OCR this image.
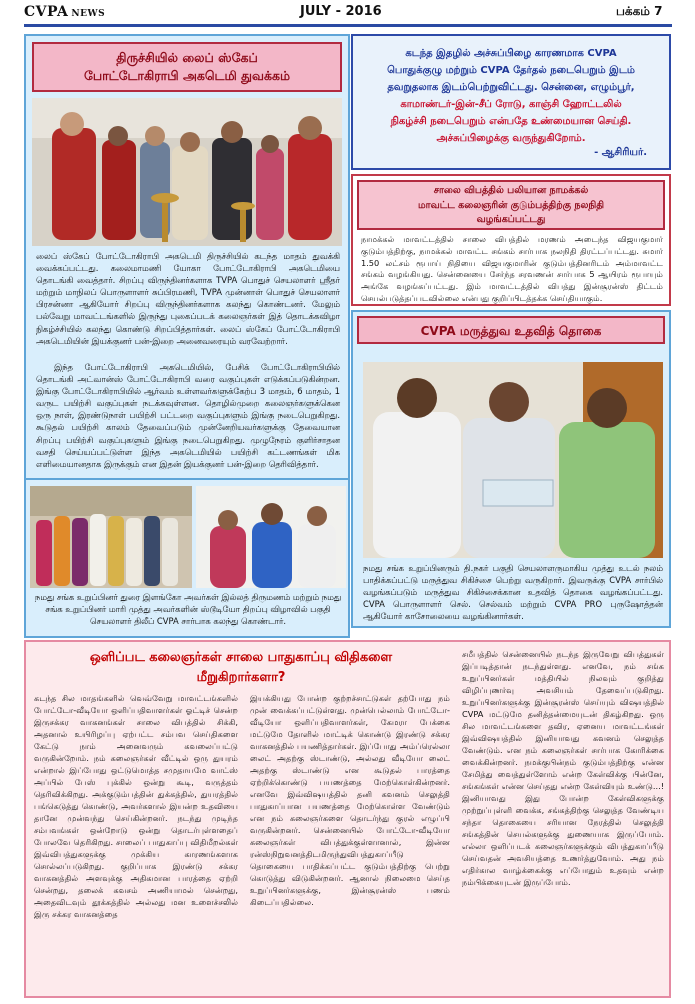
CVPA NEWS	JULY - 2016	பக்கம் 7
திருச்சியில் லைப் ஸ்கேப்
போட்டோகிராபி அகடெமி துவக்கம்
லைப் ஸ்கேப் போட்டோகிராபி அகடெமி திருச்சியில் கடந்த மாதம் துவக்கி வைக்கப்பட்டது. கலைமாமணி யோகா போட்டோகிராபி அகடெமியை தொடங்கி வைத்தார். சிறப்பு விருந்தினர்களாக TVPA பொதுச் செயலாளர் ஸ்ரீதர் மற்றும் மாநிலப் பொருளாளர் சுப்பிரமணி, TVPA முன்னாள் பொதுச் செயலாளர் பிரசன்னா ஆகியோர் சிறப்பு விருந்தினர்களாக கலந்து கொண்டனர். மேலும் பல்வேறு மாவட்டங்களில் இருந்து புகைப்படக் கலைஞர்கள் இத் தொடக்கவிழா நிகழ்ச்சியில் கலந்து கொண்டு சிறப்பித்தார்கள். லைப் ஸ்கேப் போட்டோகிராபி அகடெமியின் இயக்குனர் பன்-இறை அனைவரையும் வரவேற்றார்.
இந்த போட்டோகிராபி அகடெமியில், பேசிக் போட்டோகிராபியில் தொடங்கி அட்வான்ஸ் போட்டோகிராபி வரை வகுப்புகள் எடுக்கப்படுகின்றன. இங்கு போட்டோகிராபியில் ஆர்வம் உள்ளவர்களுக்கேற்ப 3 மாதம், 6 மாதம், 1 வருட பயிற்சி வகுப்புகள் நடக்கவுள்ளன. தொழில்முறை கலைஞர்களுக்கென ஒரு நாள், இரண்டுநாள் பயிற்சி பட்டறை வகுப்புகளும் இங்கு நடைபெறுகிறது. கூடுதல் பயிற்சி காலம் தேவைப்படும் முன்னேறியவர்களுக்கு தேவையான சிறப்பு பயிற்சி வகுப்புகளும் இங்கு நடைபெறுகிறது. முழுநேரம் குளிர்சாதன வசதி செய்யப்பட்டுள்ள இந்த அகடெமியில் பயிற்சி கட்டணங்கள் மிக எளிமையானதாக இருக்கும் என இதன் இயக்குனர் பன்-இறை தெரிவித்தார்.
நமது சங்க உறுப்பினர் துரை இளங்கோ அவர்கள் இல்லத் திருமணம் மற்றும் நமது சங்க உறுப்பினர் மாரி முத்து அவர்களின் ஸ்டூடியோ திறப்பு விழாவில் பகுதி செயலாளர் திலீப் CVPA சார்பாக கலந்து கொண்டார்.
கடந்த இதழில் அச்சுப்பிழை காரணமாக CVPA
பொதுக்குழு மற்றும் CVPA தேர்தல் நடைபெறும் இடம்
தவறுதலாக இடம்பெற்றுவிட்டது. சென்னை, எழும்பூர்,
காமாண்டர்-இன்-சீப் ரோடு, காஞ்சி ஹோட்டலில்
நிகழ்ச்சி நடைபெறும் என்பதே உண்மையான செய்தி.
அச்சுப்பிழைக்கு வருந்துகிறோம்.
- ஆசிரியர்.
சாலை விபத்தில் பலியான நாமக்கல்
மாவட்ட கலைஞரின் குடும்பத்திற்கு நலநிதி
வழங்கப்பட்டது
நாமக்கல் மாவட்டத்தில் சாலை விபத்தில் மரணம் அடைந்த விஜயகுமார் குடும்பத்திற்கு, நாமக்கல் மாவட்ட சங்கம் சார்பாக நலநிதி திரட்டப்பட்டது. சுமார் 1.50 லட்சம் ரூபாய் நிதியை விஜயகுமாரின் குடும்பத்தினரிடம் அம்மாவட்ட சங்கம் வழங்கியது. சென்னையை சேர்ந்த சரவணன் சார்பாக 5 ஆயிரம் ரூபாயும் அங்கே வழங்கப்பட்டது. இம் மாவட்டத்தில் விபத்து இன்சூரன்ஸ் திட்டம் செயல்படுத்தப்படவில்லை என்பது குறிப்பிடத்தக்க செய்தியாகும்.
CVPA மருத்துவ உதவித் தொகை
நமது சங்க உறுப்பினரும் தி.நகர் பகுதி செயலாளருமாகிய முத்து உடல் நலம் பாதிக்கப்பட்டு மருத்துவ சிகிச்சை பெற்று வருகிறார். இவருக்கு CVPA சார்பில் வழங்கப்படும் மருத்துவ சிகிச்சைக்கான உதவித் தொகை வழங்கப்பட்டது. CVPA பொருளாளர் செல். செல்வம் மற்றும் CVPA PRO புருஷோத்தன் ஆகியோர் காசோலையை வழங்கினார்கள்.
ஒளிப்பட கலைஞர்கள் சாலை பாதுகாப்பு விதிகளை
மீறுகிறார்களா?
கடந்த சில மாதங்களில் வெவ்வேறு மாவட்டங்களில் போட்டோ-வீடியோ ஒளிப்பதிவாளர்கள் ஓட்டிச் சென்ற இருசக்கர வாகனங்கள் சாலை விபத்தில் சிக்கி, அதனால் உயிரிழப்பு ஏற்பட்ட சம்பவ செய்திகளை கேட்டு நாம் அனைவரும் கவலைப்பட்டு வருகின்றோம். நம் கலைஞர்கள் வீட்டில் ஒரு துயரம் என்றால் இப்போது ஒட்டுமொத்த சமுதாயமே வாட்ஸ் அப்பில் பேஸ் புக்கில் ஒன்று கூடி, வருத்தம் தெரிவிக்கிறது. அக்குடும்பத்தின் துக்கத்தில், துயரத்தில் பங்கெடுத்து கொண்டு, அவர்களால் இயன்ற உதவியை தானே முன்வந்து செய்கின்றனர். நடந்து முடிந்த சம்பவங்கள் ஒன்றோடு ஒன்று தொடர்புள்ளதைப் போலவே தெரிகிறது. சாலைப் பாதுகாப்பு விதிமீறல்கள் இவ்விபத்துகளுக்கு முக்கிய காரணங்களாக சொல்லப்படுகிறது. குறிப்பாக இரண்டு சக்கர வாகனத்தில் அளவுக்கு அதிகமான பாரத்தை ஏற்றி சென்றது, தலைக் கவசம் அணியாமல் சென்றது, அதைவிடவும் தூக்கத்தில் அல்லது மன உளைச்சலில் இரு சக்கர வாகனத்தை
இயக்கியது போன்ற குற்றச்சாட்டுகள் தற்போது நம் முன் வைக்கப்பட்டுள்ளது. முன்பெல்லாம் போட்டோ-வீடியோ ஒளிப்பதிவாளர்கள், கேமரா பேக்கை மட்டுமே தோளில் மாட்டிக் கொண்டு இரண்டு சக்கர வாகனத்தில் பயணித்தார்கள். இப்போது அம்ப்ரெல்லா லைட் அதற்கு ஸ்டாண்டு, அல்லது வீடியோ லைட் அதற்கு ஸ்டாண்டு என கூடுதல் பாரத்தை ஏற்றிக்கொண்டு பயணத்தை மேற்கொள்கின்றனர். எனவே இவ்விஷயத்தில் தனி கவனம் செலுத்தி பாதுகாப்பான பயணத்தை மேற்கொள்ள வேண்டும் என நம் கலைஞர்களை தொடர்ந்து குரல் எழுப்பி வருகின்றனர். சென்னையில் போட்டோ-வீடியோ கலைஞர்கள் விபத்துக்குள்ளானால், இன்ன ரன்ஸ்நிறுவனத்திடமிருந்துவிபத்துகாப்பீடு தொகையை பாதிக்கப்பட்ட குடும்பத்திற்கு பெற்று கொடுத்து விடுகின்றனர். ஆனால் நிலைமை செய்த உறுப்பினர்களுக்கு, இன்சூரன்ஸ் பணம் கிடைப்பதில்லை.
சமீபத்தில் சென்னையில் நடந்த இருவேறு விபத்துகள் இப்படித்தான் நடந்துள்ளது. எனவே, நம் சங்க உறுப்பினர்கள் மத்தியில் நிலவும் குறித்து விழிப்புணர்வு அவசியம் தேவைப்படுகிறது. உறுப்பினர்களுக்கு இன்சூரன்ஸ் செய்யும் விஷயத்தில் CVPA மட்டுமே தனித்தன்மையுடன் திகழ்கிறது. ஒரு சில மாவட்டங்களை தவிர, ஏனைய மாவட்டங்கள் இவ்விஷயத்தில் இனியாவது கவனம் செலுத்த வேண்டும். என நம் கலைஞர்கள் சார்பாக கோரிக்கை வைக்கின்றனர். நமக்குபின்நம் குடும்பத்திற்கு என்ன சேமித்து வைத்துள்ளோம் என்ற கேள்விக்கு பின்னே, சங்கங்கள் என்ன செய்தது என்ற கேள்வியும் உண்டு...! இனியாவது இது போன்ற கேள்விகளுக்கு முற்றுப்புள்ளி வைக்க, சங்கத்திற்கு செலுத்த வேண்டிய சந்தா தொகையை சரியான நேரத்தில் செலுத்தி சங்கத்தின் செயல்களுக்கு துணையாக இருப்போம். எல்லா ஒளிப்படக் கலைஞர்களுக்கும் விபத்துகாப்பீடு செய்வதன் அவசியத்தை உணர்த்துவோம். அது நம் எதிர்கால வாழ்க்கைக்கு எப்போதும் உதவும் என்ற நம்பிக்கையுடன் இருப்போம்.
